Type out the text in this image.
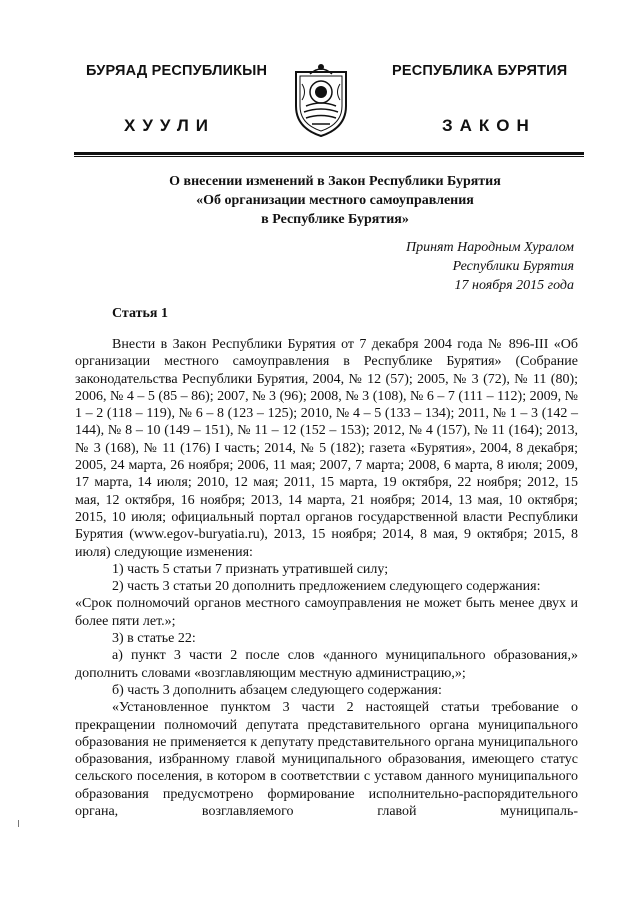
БУРЯАД РЕСПУБЛИКЫН	РЕСПУБЛИКА БУРЯТИЯ
ХУУЛИ	ЗАКОН
О внесении изменений в Закон Республики Бурятия
«Об организации местного самоуправления
в Республике Бурятия»
Принят Народным Хуралом
Республики Бурятия
17 ноября 2015 года
Статья 1

Внести в Закон Республики Бурятия от 7 декабря 2004 года № 896-III «Об организации местного самоуправления в Республике Бурятия» (Собрание законодательства Республики Бурятия, 2004, № 12 (57); 2005, № 3 (72), № 11 (80); 2006, № 4 – 5 (85 – 86); 2007, № 3 (96); 2008, № 3 (108), № 6 – 7 (111 – 112); 2009, № 1 – 2 (118 – 119), № 6 – 8 (123 – 125); 2010, № 4 – 5 (133 – 134); 2011, № 1 – 3 (142 – 144), № 8 – 10 (149 – 151), № 11 – 12 (152 – 153); 2012, № 4 (157), № 11 (164); 2013, № 3 (168), № 11 (176) I часть; 2014, № 5 (182); газета «Бурятия», 2004, 8 декабря; 2005, 24 марта, 26 ноября; 2006, 11 мая; 2007, 7 марта; 2008, 6 марта, 8 июля; 2009, 17 марта, 14 июля; 2010, 12 мая; 2011, 15 марта, 19 октября, 22 ноября; 2012, 15 мая, 12 октября, 16 ноября; 2013, 14 марта, 21 ноября; 2014, 13 мая, 10 октября; 2015, 10 июля; официальный портал органов государственной власти Республики Бурятия (www.egov-buryatia.ru), 2013, 15 ноября; 2014, 8 мая, 9 октября; 2015, 8 июля) следующие изменения:

1) часть 5 статьи 7 признать утратившей силу;

2) часть 3 статьи 20 дополнить предложением следующего содержания:

«Срок полномочий органов местного самоуправления не может быть менее двух и более пяти лет.»;

3) в статье 22:

а) пункт 3 части 2 после слов «данного муниципального образования,» дополнить словами «возглавляющим местную администрацию,»;

б) часть 3 дополнить абзацем следующего содержания:

«Установленное пунктом 3 части 2 настоящей статьи требование о прекращении полномочий депутата представительного органа муниципального образования не применяется к депутату представительного органа муниципального образования, избранному главой муниципального образования, имеющего статус сельского поселения, в котором в соответствии с уставом данного муниципального образования предусмотрено формирование исполнительно-распорядительного органа, возглавляемого главой муниципаль-
